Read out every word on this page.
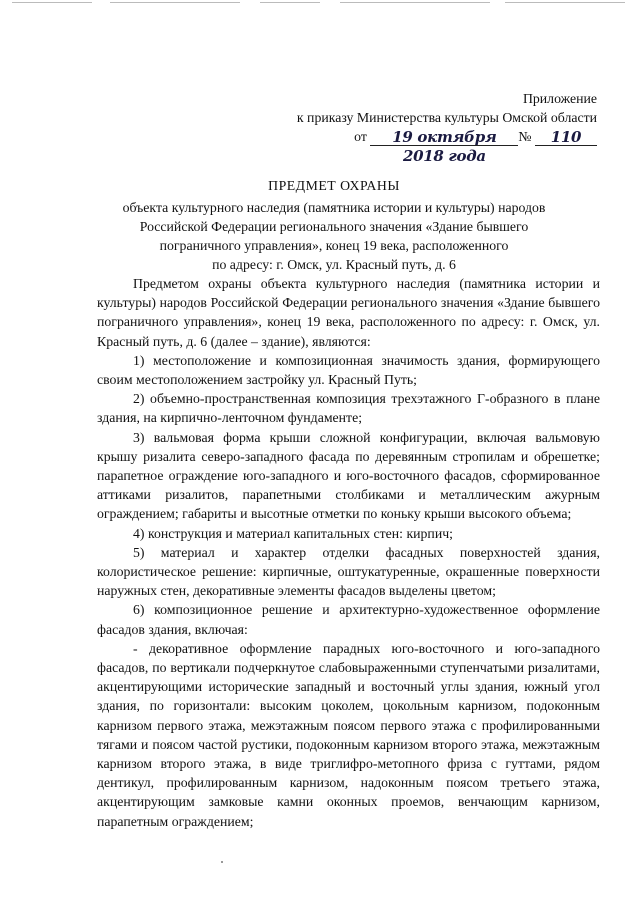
Приложение
к приказу Министерства культуры Омской области
от 19 октября 2018 года№ 110
ПРЕДМЕТ ОХРАНЫ
объекта культурного наследия (памятника истории и культуры) народов
Российской Федерации регионального значения «Здание бывшего
пограничного управления», конец 19 века, расположенного
по адресу: г. Омск, ул. Красный путь, д. 6

Предметом охраны объекта культурного наследия (памятника истории и культуры) народов Российской Федерации регионального значения «Здание бывшего пограничного управления», конец 19 века, расположенного по адресу: г. Омск, ул. Красный путь, д. 6 (далее – здание), являются:

1) местоположение и композиционная значимость здания, формирующего своим местоположением застройку ул. Красный Путь;

2) объемно-пространственная композиция трехэтажного Г-образного в плане здания, на кирпично-ленточном фундаменте;

3) вальмовая форма крыши сложной конфигурации, включая вальмовую крышу ризалита северо-западного фасада по деревянным стропилам и обрешетке; парапетное ограждение юго-западного и юго-восточного фасадов, сформированное аттиками ризалитов, парапетными столбиками и металлическим ажурным ограждением; габариты и высотные отметки по коньку крыши высокого объема;

4) конструкция и материал капитальных стен: кирпич;

5) материал и характер отделки фасадных поверхностей здания, колористическое решение: кирпичные, оштукатуренные, окрашенные поверхности наружных стен, декоративные элементы фасадов выделены цветом;

6) композиционное решение и архитектурно-художественное оформление фасадов здания, включая:

- декоративное оформление парадных юго-восточного и юго-западного фасадов, по вертикали подчеркнутое слабовыраженными ступенчатыми ризалитами, акцентирующими исторические западный и восточный углы здания, южный угол здания, по горизонтали: высоким цоколем, цокольным карнизом, подоконным карнизом первого этажа, межэтажным поясом первого этажа с профилированными тягами и поясом частой рустики, подоконным карнизом второго этажа, межэтажным карнизом второго этажа, в виде триглифро-метопного фриза с гуттами, рядом дентикул, профилированным карнизом, надоконным поясом третьего этажа, акцентирующим замковые камни оконных проемов, венчающим карнизом, парапетным ограждением;
